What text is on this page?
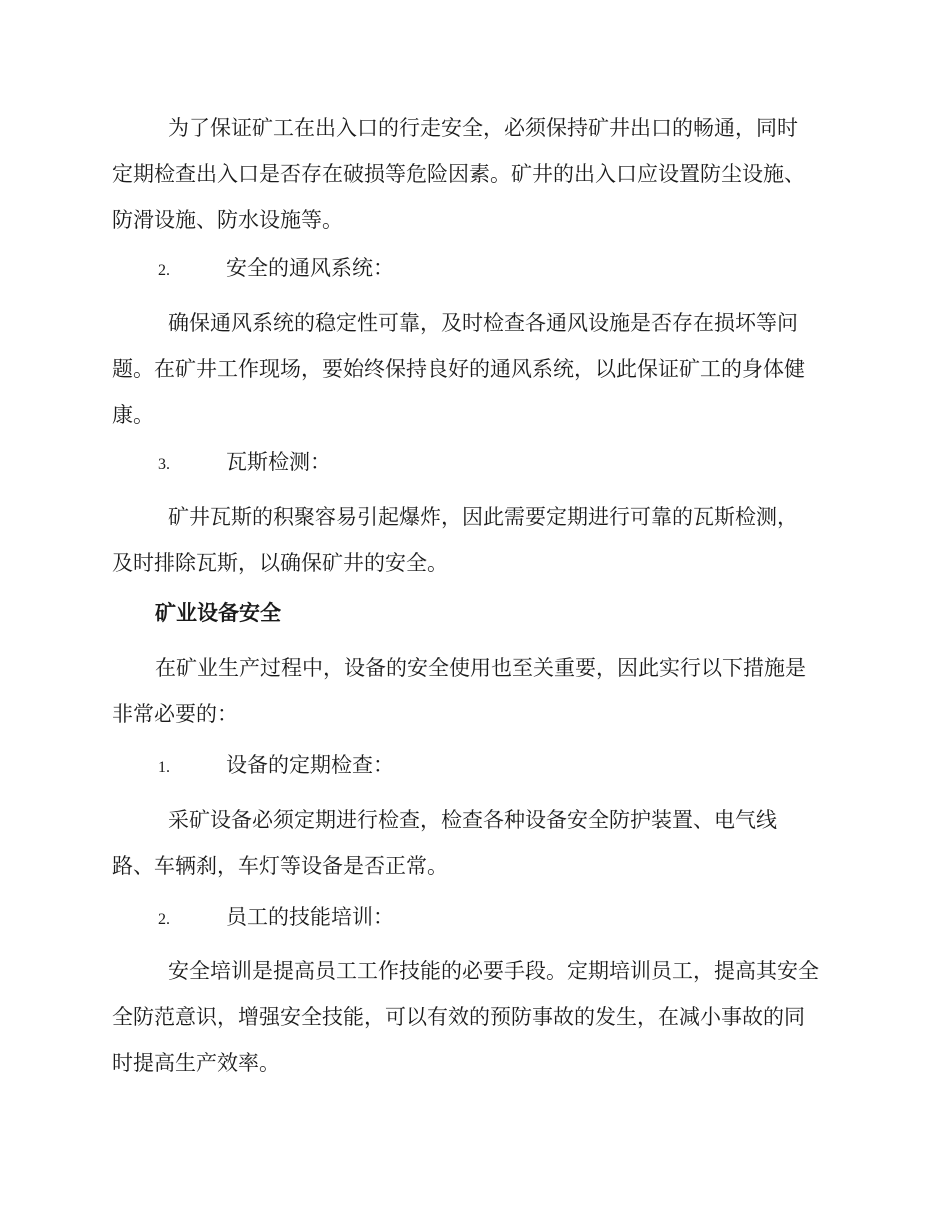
为了保证矿工在出入口的行走安全，必须保持矿井出口的畅通，同时
定期检查出入口是否存在破损等危险因素。矿井的出入口应设置防尘设施、
防滑设施、防水设施等。

2.	安全的通风系统：

确保通风系统的稳定性可靠，及时检查各通风设施是否存在损坏等问
题。在矿井工作现场，要始终保持良好的通风系统，以此保证矿工的身体健
康。

3.	瓦斯检测：

矿井瓦斯的积聚容易引起爆炸，因此需要定期进行可靠的瓦斯检测，
及时排除瓦斯，以确保矿井的安全。

矿业设备安全

在矿业生产过程中，设备的安全使用也至关重要，因此实行以下措施是
非常必要的：

1.	设备的定期检查：

采矿设备必须定期进行检查，检查各种设备安全防护装置、电气线
路、车辆刹，车灯等设备是否正常。

2.	员工的技能培训：

安全培训是提高员工工作技能的必要手段。定期培训员工，提高其安全
全防范意识，增强安全技能，可以有效的预防事故的发生，在减小事故的同
时提高生产效率。
